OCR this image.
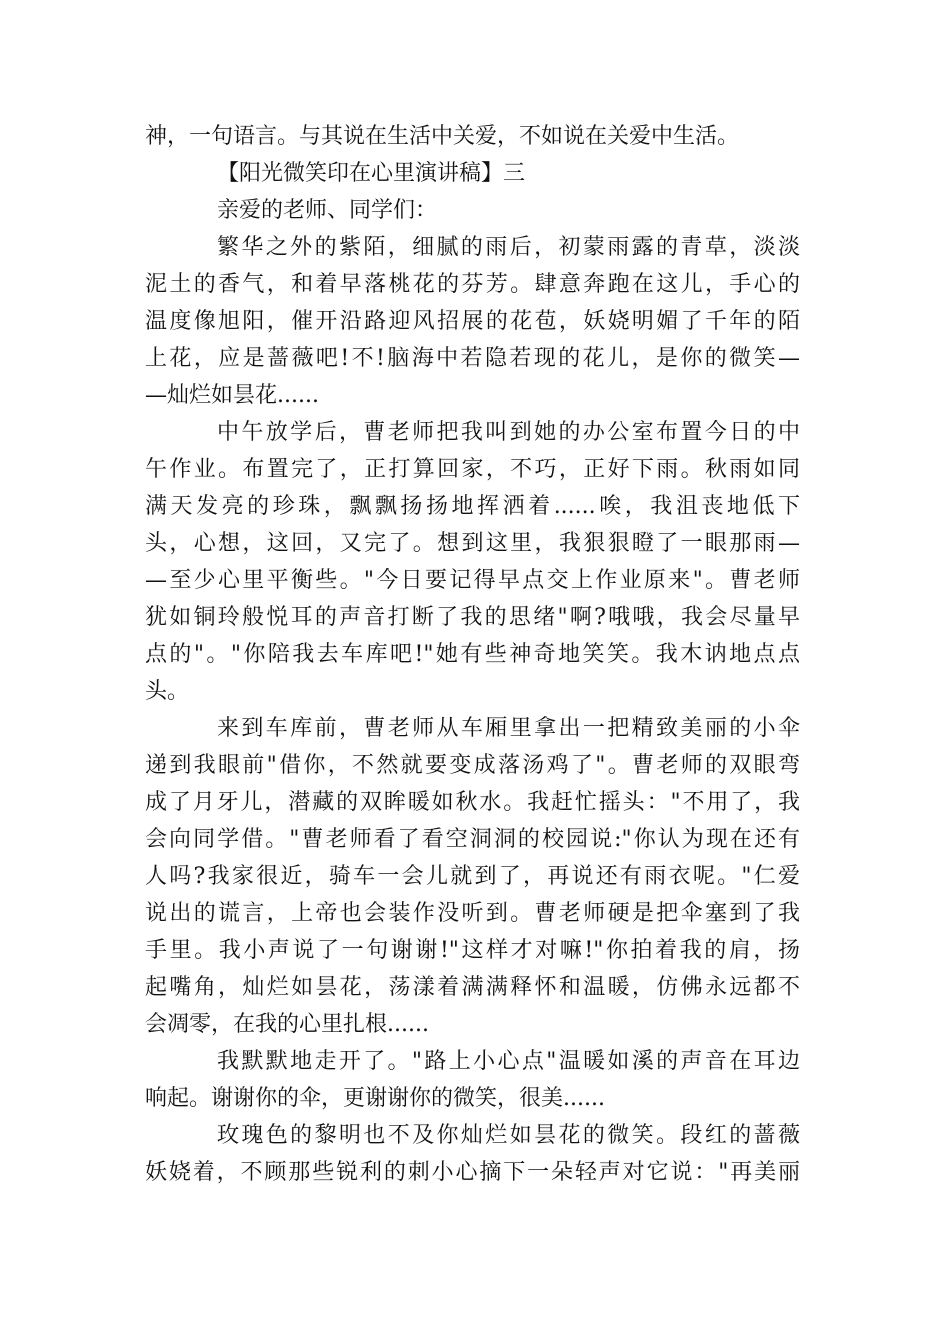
神，一句语言。与其说在生活中关爱，不如说在关爱中生活。
【阳光微笑印在心里演讲稿】三
亲爱的老师、同学们：
繁华之外的紫陌，细腻的雨后，初蒙雨露的青草，淡淡
泥土的香气，和着早落桃花的芬芳。肆意奔跑在这儿，手心的
温度像旭阳，催开沿路迎风招展的花苞，妖娆明媚了千年的陌
上花，应是蔷薇吧!不!脑海中若隐若现的花儿，是你的微笑—
—灿烂如昙花......
中午放学后，曹老师把我叫到她的办公室布置今日的中
午作业。布置完了，正打算回家，不巧，正好下雨。秋雨如同
满天发亮的珍珠，飘飘扬扬地挥洒着......唉，我沮丧地低下
头，心想，这回，又完了。想到这里，我狠狠瞪了一眼那雨—
—至少心里平衡些。"今日要记得早点交上作业原来"。曹老师
犹如铜玲般悦耳的声音打断了我的思绪"啊?哦哦，我会尽量早
点的"。"你陪我去车库吧!"她有些神奇地笑笑。我木讷地点点
头。
来到车库前，曹老师从车厢里拿出一把精致美丽的小伞
递到我眼前"借你，不然就要变成落汤鸡了"。曹老师的双眼弯
成了月牙儿，潜藏的双眸暖如秋水。我赶忙摇头："不用了，我
会向同学借。"曹老师看了看空洞洞的校园说:"你认为现在还有
人吗?我家很近，骑车一会儿就到了，再说还有雨衣呢。"仁爱
说出的谎言，上帝也会装作没听到。曹老师硬是把伞塞到了我
手里。我小声说了一句谢谢!"这样才对嘛!"你拍着我的肩，扬
起嘴角，灿烂如昙花，荡漾着满满释怀和温暖，仿佛永远都不
会凋零，在我的心里扎根......
我默默地走开了。"路上小心点"温暖如溪的声音在耳边
响起。谢谢你的伞，更谢谢你的微笑，很美......
玫瑰色的黎明也不及你灿烂如昙花的微笑。段红的蔷薇
妖娆着，不顾那些锐利的刺小心摘下一朵轻声对它说："再美丽
